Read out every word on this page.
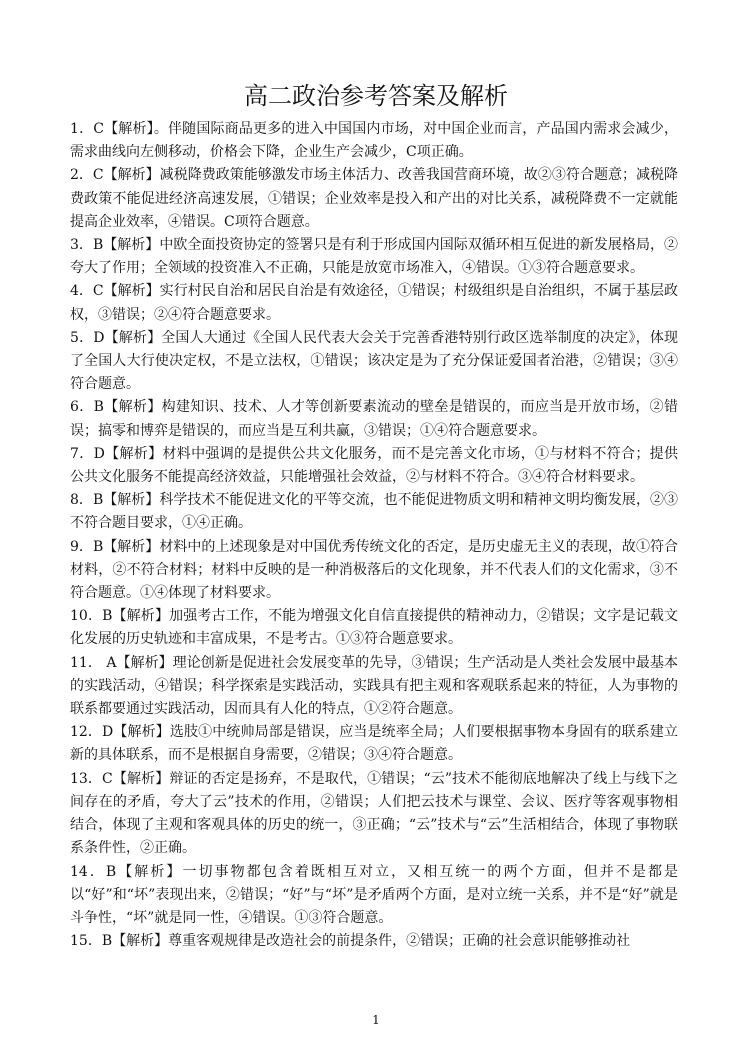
高二政治参考答案及解析

1．C【解析】。伴随国际商品更多的进入中国国内市场，对中国企业而言，产品国内需求会减少，需求曲线向左侧移动，价格会下降，企业生产会减少，C项正确。

2．C【解析】减税降费政策能够激发市场主体活力、改善我国营商环境，故②③符合题意；减税降费政策不能促进经济高速发展，①错误；企业效率是投入和产出的对比关系，减税降费不一定就能提高企业效率，④错误。C项符合题意。

3．B【解析】中欧全面投资协定的签署只是有利于形成国内国际双循环相互促进的新发展格局，②夸大了作用；全领域的投资准入不正确，只能是放宽市场准入，④错误。①③符合题意要求。

4．C【解析】实行村民自治和居民自治是有效途径，①错误；村级组织是自治组织，不属于基层政权，③错误；②④符合题意要求。

5．D【解析】全国人大通过《全国人民代表大会关于完善香港特别行政区选举制度的决定》，体现了全国人大行使决定权，不是立法权，①错误；该决定是为了充分保证爱国者治港，②错误；③④符合题意。

6．B【解析】构建知识、技术、人才等创新要素流动的壁垒是错误的，而应当是开放市场，②错误；搞零和博弈是错误的，而应当是互利共赢，③错误；①④符合题意要求。

7．D【解析】材料中强调的是提供公共文化服务，而不是完善文化市场，①与材料不符合；提供公共文化服务不能提高经济效益，只能增强社会效益，②与材料不符合。③④符合材料要求。

8．B【解析】科学技术不能促进文化的平等交流，也不能促进物质文明和精神文明均衡发展，②③不符合题目要求，①④正确。

9．B【解析】材料中的上述现象是对中国优秀传统文化的否定，是历史虚无主义的表现，故①符合材料，②不符合材料；材料中反映的是一种消极落后的文化现象，并不代表人们的文化需求，③不符合题意。①④体现了材料要求。

10．B【解析】加强考古工作，不能为增强文化自信直接提供的精神动力，②错误；文字是记载文化发展的历史轨迹和丰富成果，不是考古。①③符合题意要求。

11． A【解析】理论创新是促进社会发展变革的先导，③错误；生产活动是人类社会发展中最基本的实践活动，④错误；科学探索是实践活动，实践具有把主观和客观联系起来的特征，人为事物的联系都要通过实践活动，因而具有人化的特点，①②符合题意。

12．D【解析】选肢①中统帅局部是错误，应当是统率全局；人们要根据事物本身固有的联系建立新的具体联系，而不是根据自身需要，②错误；③④符合题意。

13．C【解析】辩证的否定是扬弃，不是取代，①错误；“云”技术不能彻底地解决了线上与线下之间存在的矛盾，夸大了云”技术的作用，②错误；人们把云技术与课堂、会议、医疗等客观事物相结合，体现了主观和客观具体的历史的统一，③正确；“云”技术与“云”生活相结合，体现了事物联系条件性，②正确。

14．B【解析】一切事物都包含着既相互对立，又相互统一的两个方面，但并不是都是以“好”和“坏”表现出来，②错误；“好”与“坏”是矛盾两个方面，是对立统一关系，并不是“好”就是斗争性，“坏”就是同一性，④错误。①③符合题意。

15．B【解析】尊重客观规律是改造社会的前提条件，②错误；正确的社会意识能够推动社

1
